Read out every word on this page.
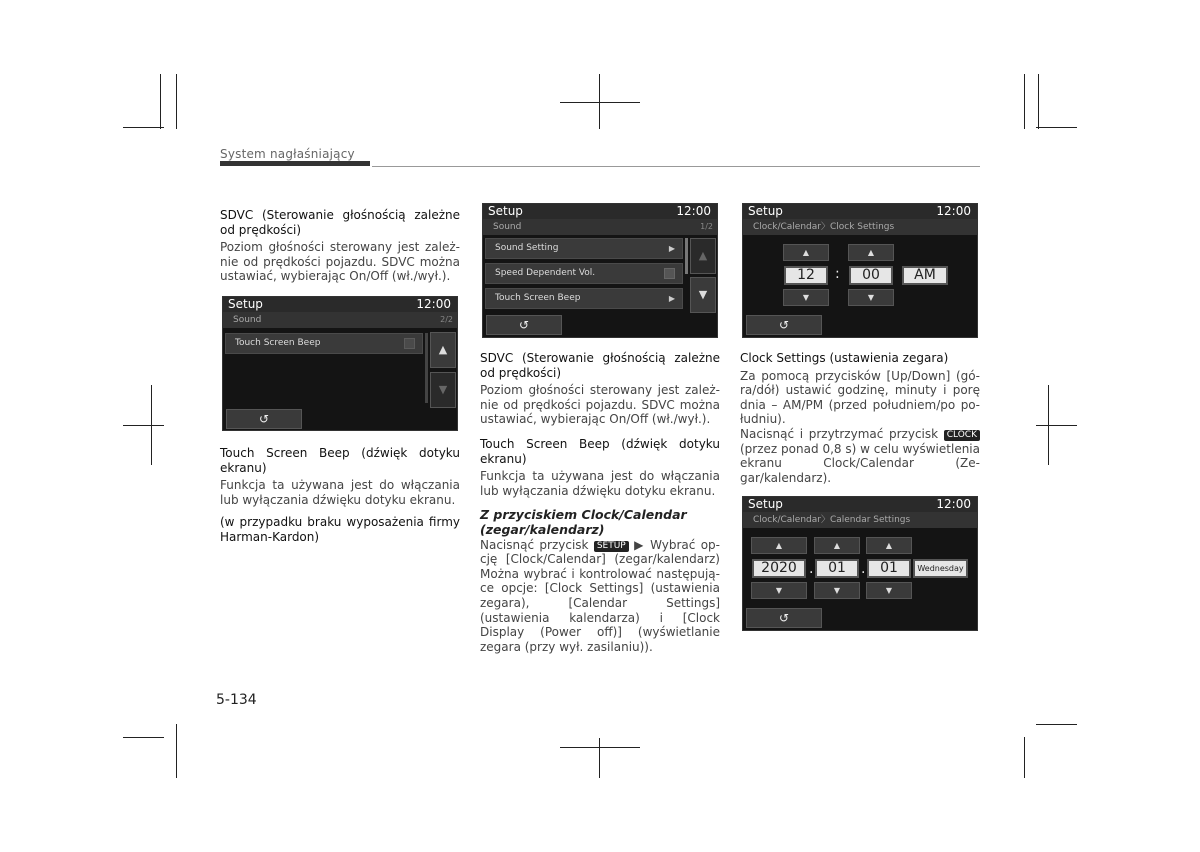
System nagłaśniający
SDVC (Sterowanie głośnością zależne od prędkości)
Poziom głośności sterowany jest zależnie od prędkości pojazdu. SDVC można ustawiać, wybierając On/Off (wł./wył.).
Setup	12:00
Sound	2/2
Touch Screen Beep	▲
▼
↺
Touch Screen Beep (dźwięk dotyku ekranu)
Funkcja ta używana jest do włączania lub wyłączania dźwięku dotyku ekranu.
(w przypadku braku wyposażenia firmy Harman-Kardon)
Setup	12:00
Sound	1/2
Sound Setting	▶
Speed Dependent Vol.
Touch Screen Beep	▶
▲
▼
↺
SDVC (Sterowanie głośnością zależne od prędkości)
Poziom głośności sterowany jest zależnie od prędkości pojazdu. SDVC można ustawiać, wybierając On/Off (wł./wył.).
Touch Screen Beep (dźwięk dotyku ekranu)
Funkcja ta używana jest do włączania lub wyłączania dźwięku dotyku ekranu.
Z przyciskiem Clock/Calendar (zegar/kalendarz)
Nacisnąć przycisk SETUP ▶ Wybrać opcję [Clock/Calendar] (zegar/kalendarz) Można wybrać i kontrolować następujące opcje: [Clock Settings] (ustawienia zegara), [Calendar Settings] (ustawienia kalendarza) i [Clock Display (Power off)] (wyświetlanie zegara (przy wył. zasilaniu)).
Setup	12:00
Clock/Calendar〉Clock Settings
▲
12
▼
:
▲
00
▼
AM
↺
Clock Settings (ustawienia zegara)
Za pomocą przycisków [Up/Down] (góra/dół) ustawić godzinę, minuty i porę dnia – AM/PM (przed południem/po południu).
Nacisnąć i przytrzymać przycisk CLOCK (przez ponad 0,8 s) w celu wyświetlenia ekranu Clock/Calendar (Zegar/kalendarz).
Setup	12:00
Clock/Calendar〉Calendar Settings
▲
2020
▼
.
▲
01
▼
.
▲
01
▼
Wednesday
↺
5-134
